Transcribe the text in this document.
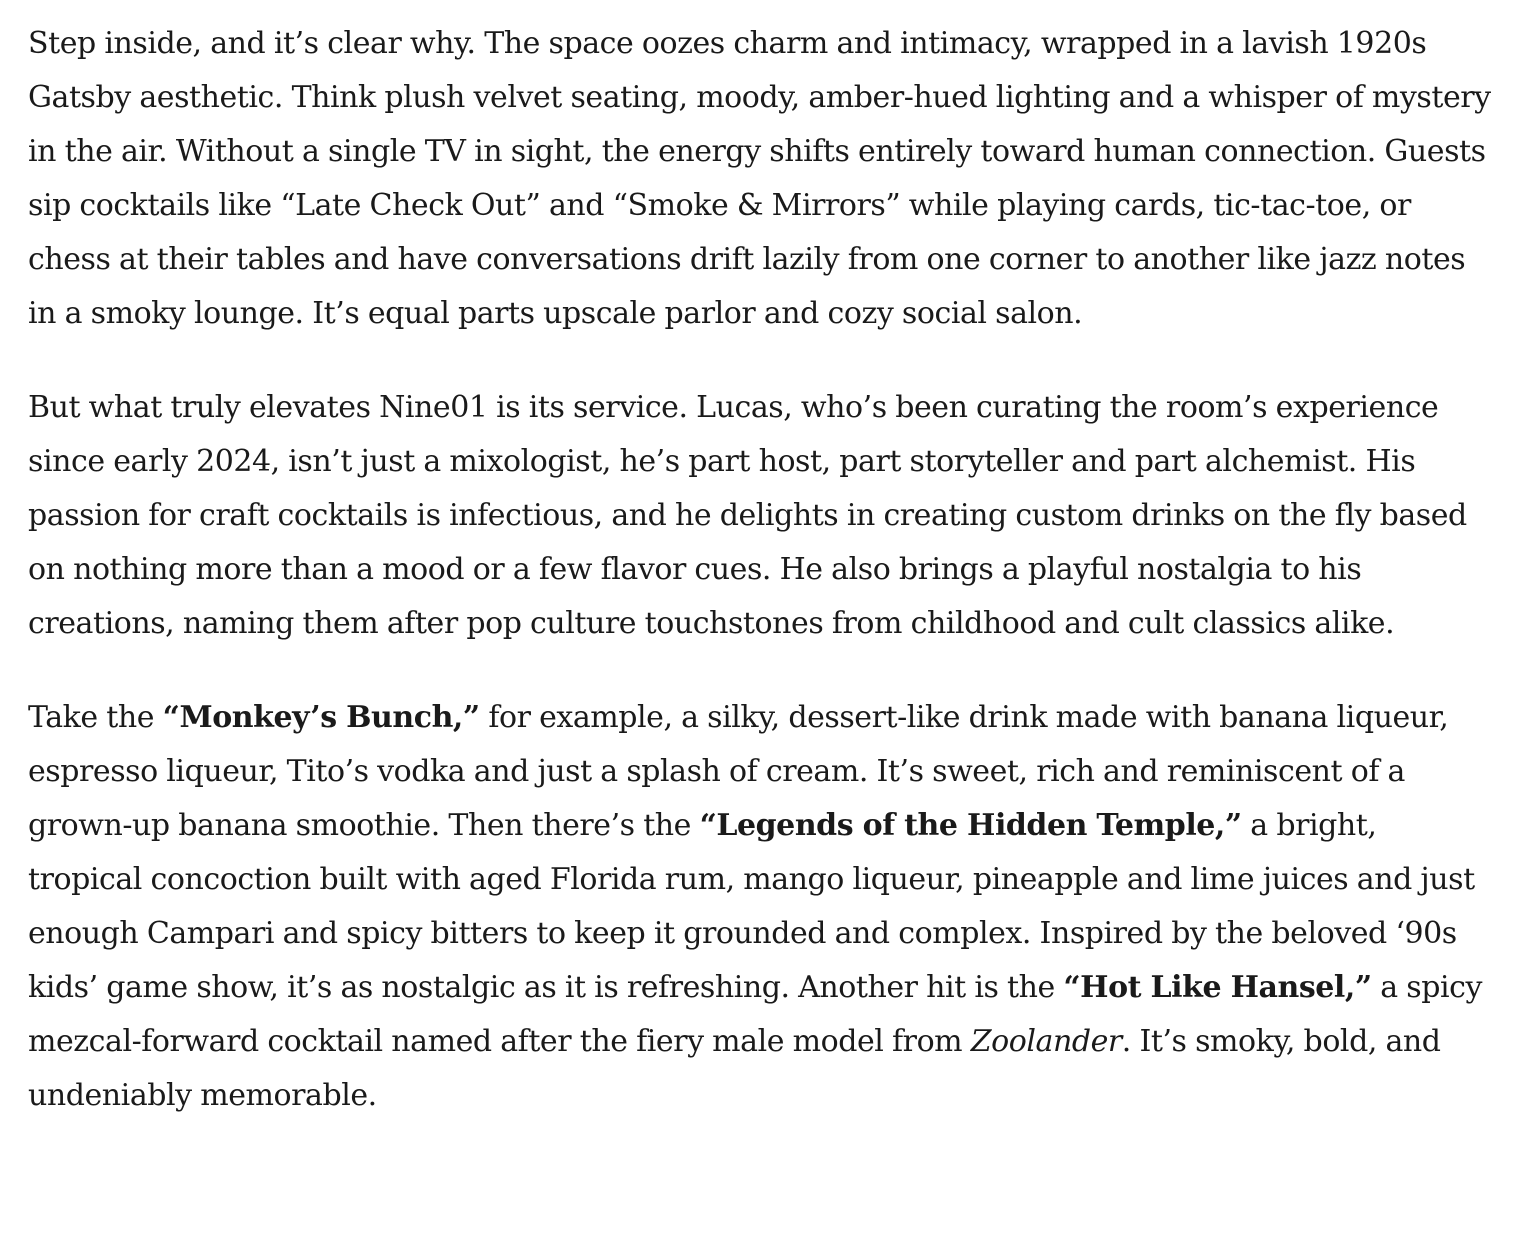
Step inside, and it’s clear why. The space oozes charm and intimacy, wrapped in a lavish 1920s Gatsby aesthetic. Think plush velvet seating, moody, amber-hued lighting and a whisper of mystery in the air. Without a single TV in sight, the energy shifts entirely toward human connection. Guests sip cocktails like “Late Check Out” and “Smoke & Mirrors” while playing cards, tic-tac-toe, or chess at their tables and have conversations drift lazily from one corner to another like jazz notes in a smoky lounge. It’s equal parts upscale parlor and cozy social salon.

But what truly elevates Nine01 is its service. Lucas, who’s been curating the room’s experience since early 2024, isn’t just a mixologist, he’s part host, part storyteller and part alchemist. His passion for craft cocktails is infectious, and he delights in creating custom drinks on the fly based on nothing more than a mood or a few flavor cues. He also brings a playful nostalgia to his creations, naming them after pop culture touchstones from childhood and cult classics alike.

Take the “Monkey’s Bunch,” for example, a silky, dessert-like drink made with banana liqueur, espresso liqueur, Tito’s vodka and just a splash of cream. It’s sweet, rich and reminiscent of a grown-up banana smoothie. Then there’s the “Legends of the Hidden Temple,” a bright, tropical concoction built with aged Florida rum, mango liqueur, pineapple and lime juices and just enough Campari and spicy bitters to keep it grounded and complex. Inspired by the beloved ‘90s kids’ game show, it’s as nostalgic as it is refreshing. Another hit is the “Hot Like Hansel,” a spicy mezcal-forward cocktail named after the fiery male model from Zoolander. It’s smoky, bold, and undeniably memorable.
